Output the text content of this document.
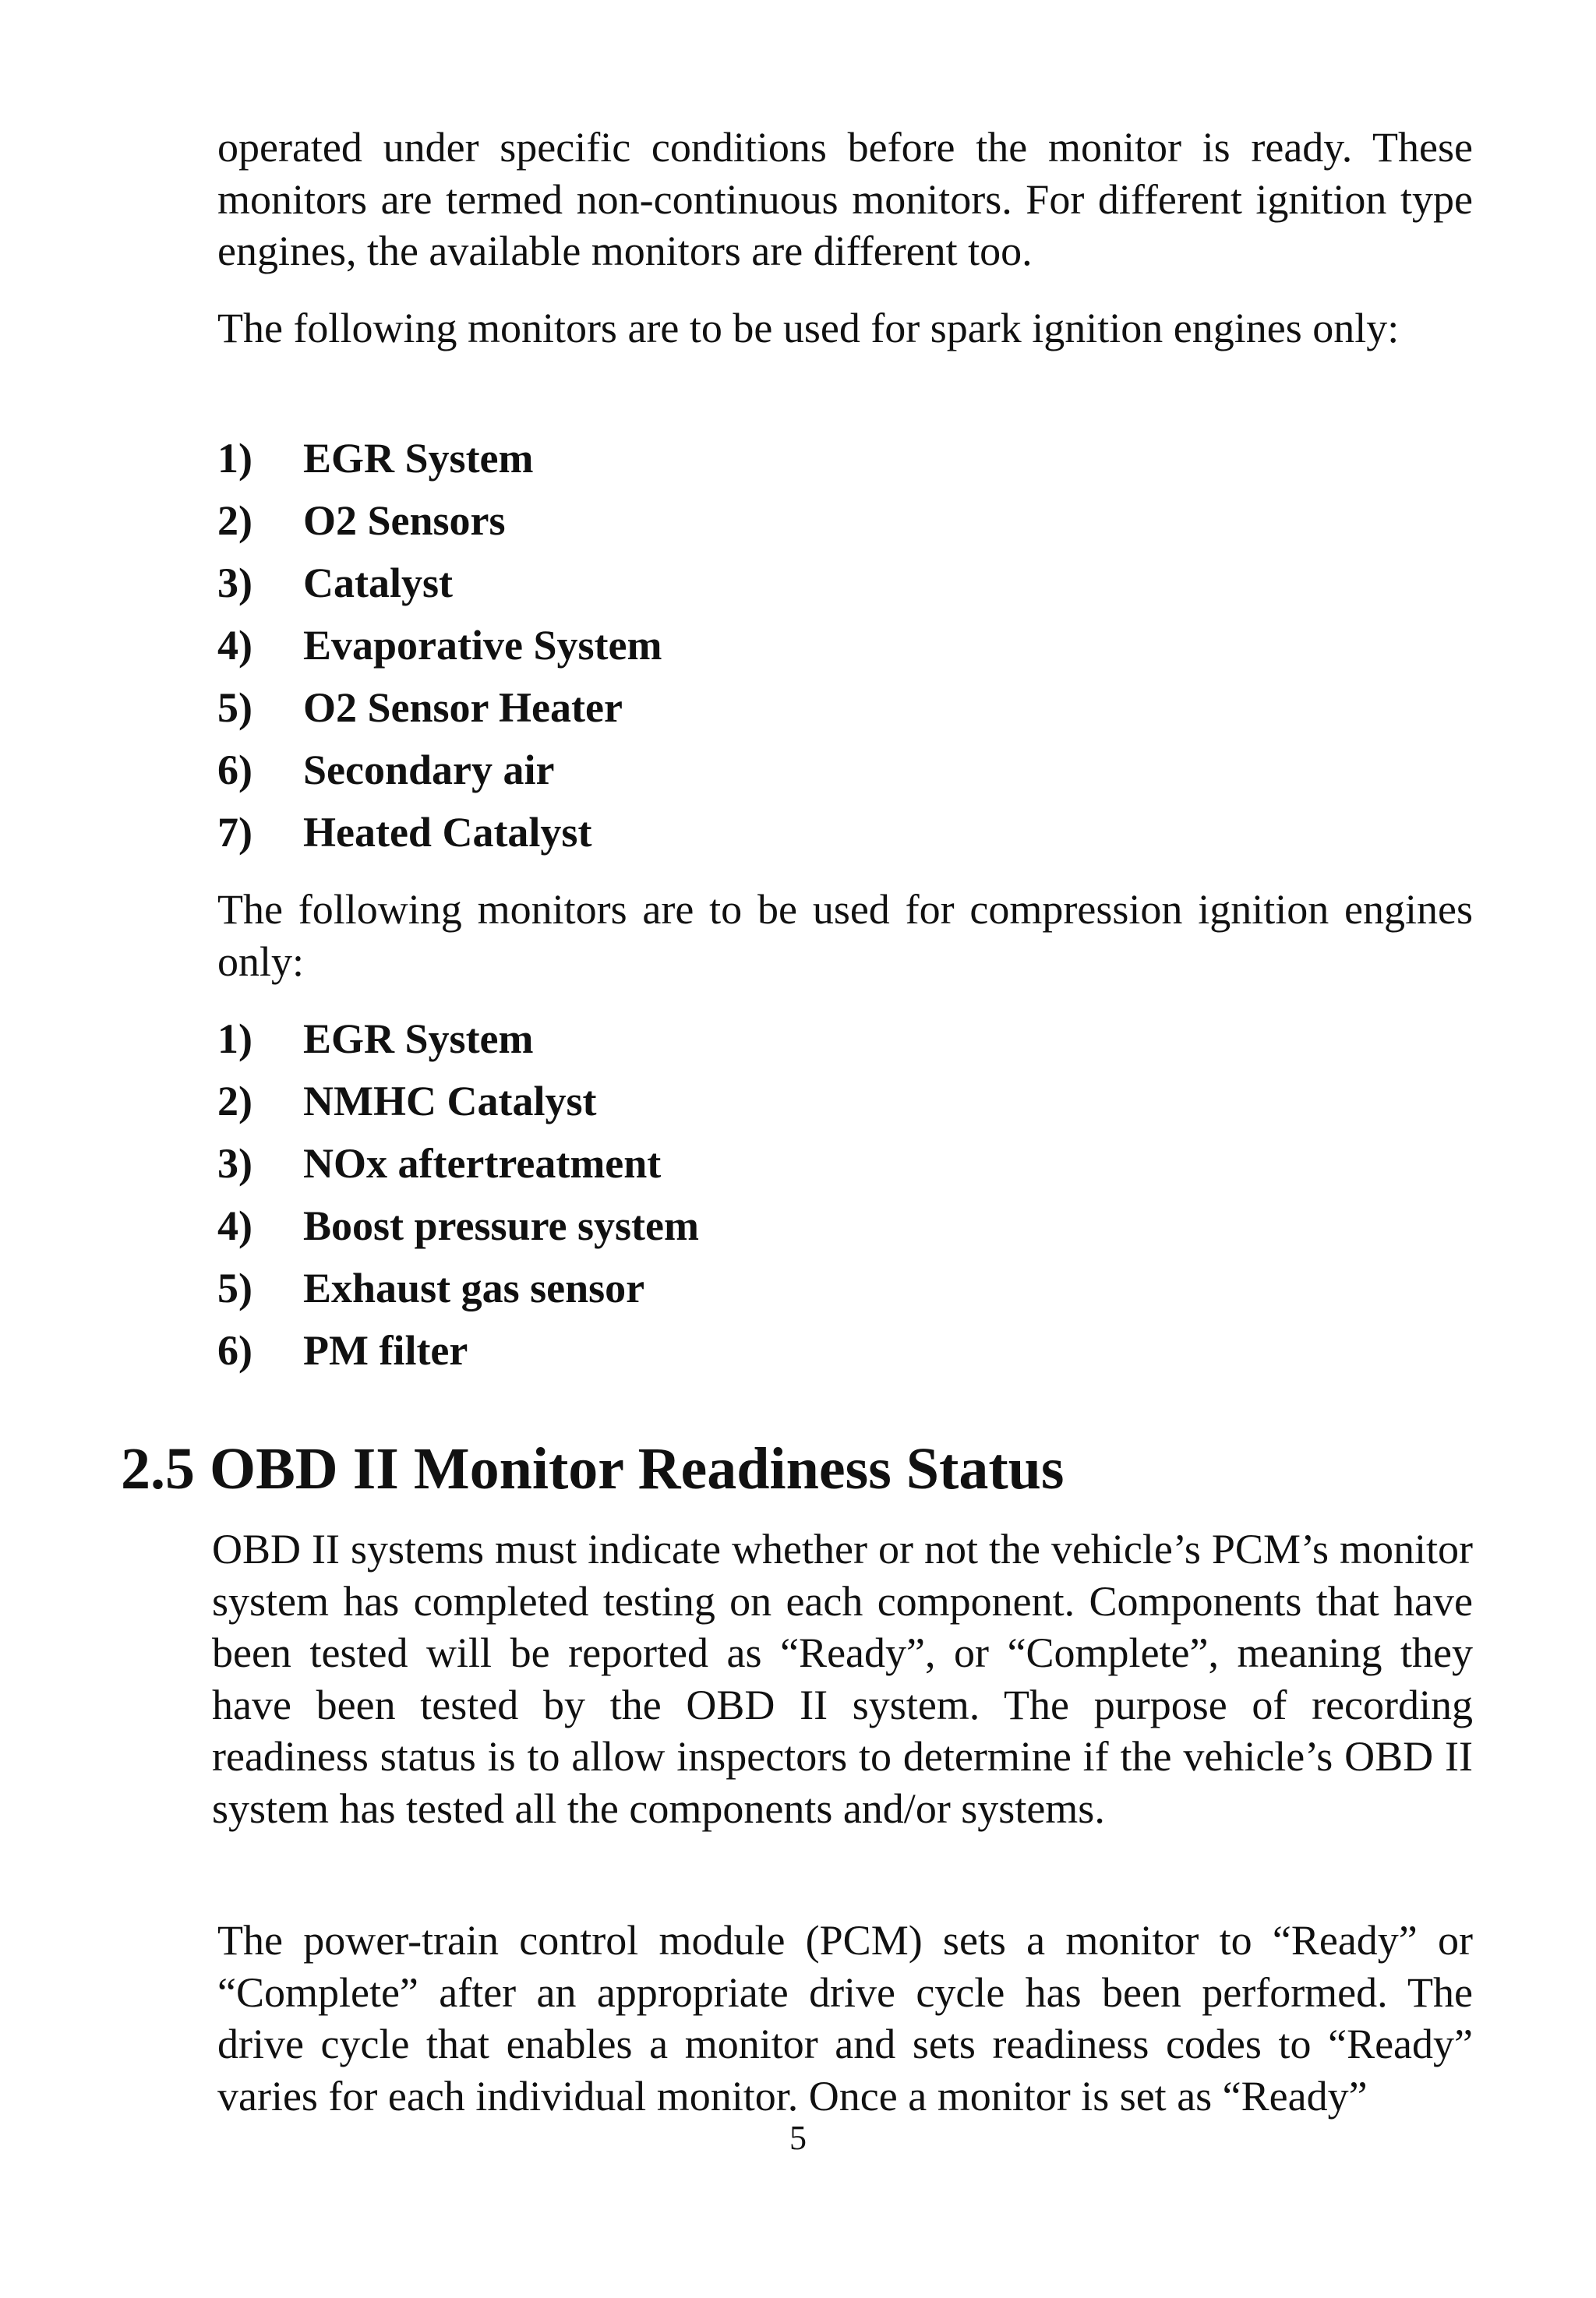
operated under specific conditions before the monitor is ready. These monitors are termed non-continuous monitors. For different ignition type engines, the available monitors are different too.

The following monitors are to be used for spark ignition engines only:

1) EGR System
2) O2 Sensors
3) Catalyst
4) Evaporative System
5) O2 Sensor Heater
6) Secondary air
7) Heated Catalyst

The following monitors are to be used for compression ignition engines only:

1) EGR System
2) NMHC Catalyst
3) NOx aftertreatment
4) Boost pressure system
5) Exhaust gas sensor
6) PM filter
2.5 OBD II Monitor Readiness Status

OBD II systems must indicate whether or not the vehicle’s PCM’s monitor system has completed testing on each component. Components that have been tested will be reported as “Ready”, or “Complete”, meaning they have been tested by the OBD II system. The purpose of recording readiness status is to allow inspectors to determine if the vehicle’s OBD II system has tested all the components and/or systems.

The power-train control module (PCM) sets a monitor to “Ready” or “Complete” after an appropriate drive cycle has been performed. The drive cycle that enables a monitor and sets readiness codes to “Ready” varies for each individual monitor. Once a monitor is set as “Ready”

5
